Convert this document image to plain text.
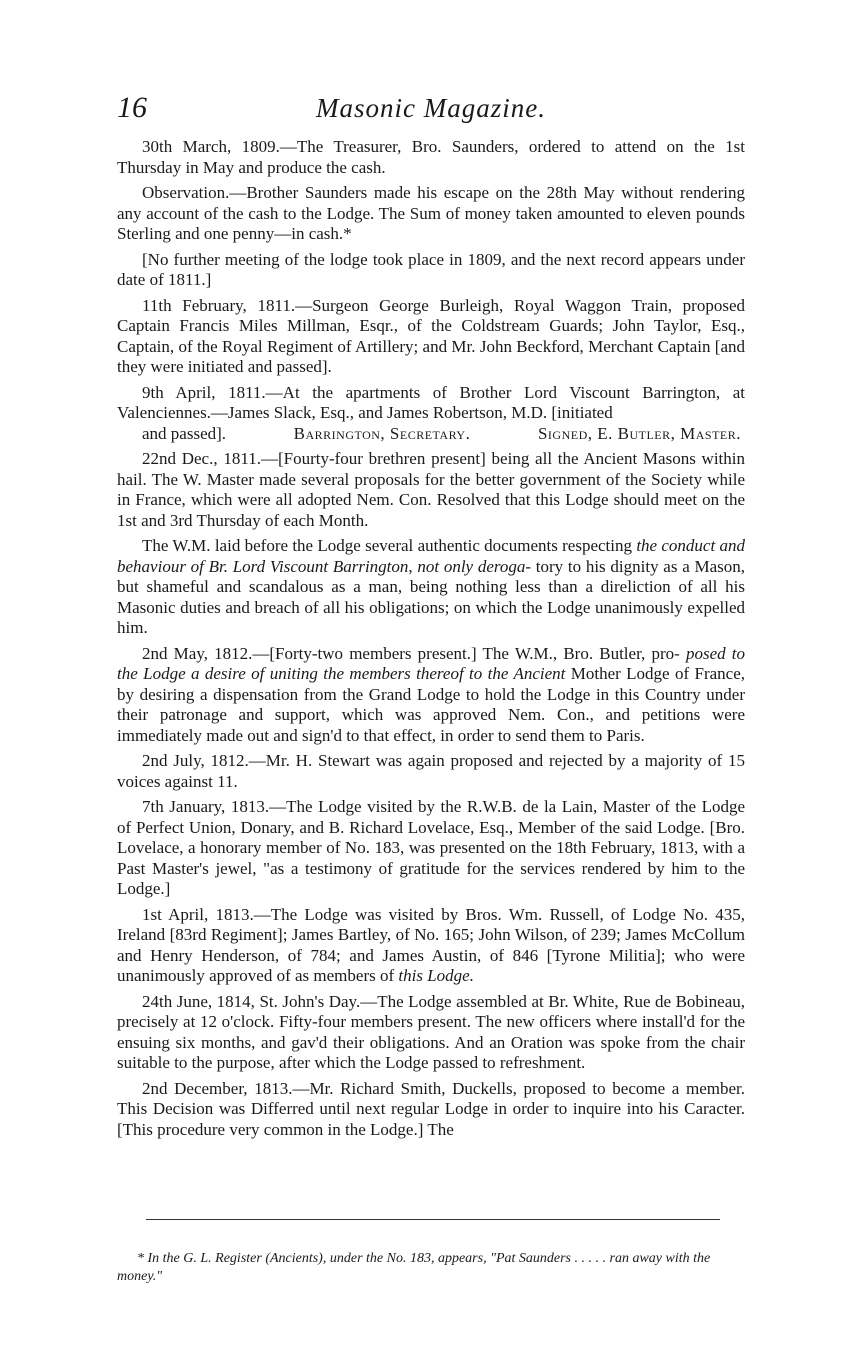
16	Masonic Magazine.

30th March, 1809.—The Treasurer, Bro. Saunders, ordered to attend on the 1st Thursday in May and produce the cash.

Observation.—Brother Saunders made his escape on the 28th May without rendering any account of the cash to the Lodge. The Sum of money taken amounted to eleven pounds Sterling and one penny—in cash.*

[No further meeting of the lodge took place in 1809, and the next record appears under date of 1811.]

11th February, 1811.—Surgeon George Burleigh, Royal Waggon Train, proposed Captain Francis Miles Millman, Esqr., of the Coldstream Guards; John Taylor, Esq., Captain, of the Royal Regiment of Artillery; and Mr. John Beckford, Merchant Captain [and they were initiated and passed].

9th April, 1811.—At the apartments of Brother Lord Viscount Barrington, at Valenciennes.—James Slack, Esq., and James Robertson, M.D. [initiated
and passed].	Barrington, Secretary.	Signed, E. Butler, Master.

22nd Dec., 1811.—[Fourty-four brethren present] being all the Ancient Masons within hail. The W. Master made several proposals for the better government of the Society while in France, which were all adopted Nem. Con. Resolved that this Lodge should meet on the 1st and 3rd Thursday of each Month.

The W.M. laid before the Lodge several authentic documents respecting the conduct and behaviour of Br. Lord Viscount Barrington, not only deroga- tory to his dignity as a Mason, but shameful and scandalous as a man, being nothing less than a direliction of all his Masonic duties and breach of all his obligations; on which the Lodge unanimously expelled him.

2nd May, 1812.—[Forty-two members present.] The W.M., Bro. Butler, pro- posed to the Lodge a desire of uniting the members thereof to the Ancient Mother Lodge of France, by desiring a dispensation from the Grand Lodge to hold the Lodge in this Country under their patronage and support, which was approved Nem. Con., and petitions were immediately made out and sign'd to that effect, in order to send them to Paris.

2nd July, 1812.—Mr. H. Stewart was again proposed and rejected by a majority of 15 voices against 11.

7th January, 1813.—The Lodge visited by the R.W.B. de la Lain, Master of the Lodge of Perfect Union, Donary, and B. Richard Lovelace, Esq., Member of the said Lodge. [Bro. Lovelace, a honorary member of No. 183, was presented on the 18th February, 1813, with a Past Master's jewel, "as a testimony of gratitude for the services rendered by him to the Lodge.]

1st April, 1813.—The Lodge was visited by Bros. Wm. Russell, of Lodge No. 435, Ireland [83rd Regiment]; James Bartley, of No. 165; John Wilson, of 239; James McCollum and Henry Henderson, of 784; and James Austin, of 846 [Tyrone Militia]; who were unanimously approved of as members of this Lodge.

24th June, 1814, St. John's Day.—The Lodge assembled at Br. White, Rue de Bobineau, precisely at 12 o'clock. Fifty-four members present. The new officers where install'd for the ensuing six months, and gav'd their obligations. And an Oration was spoke from the chair suitable to the purpose, after which the Lodge passed to refreshment.

2nd December, 1813.—Mr. Richard Smith, Duckells, proposed to become a member. This Decision was Differred until next regular Lodge in order to inquire into his Caracter. [This procedure very common in the Lodge.] The

* In the G. L. Register (Ancients), under the No. 183, appears, "Pat Saunders . . . . . ran away with the money."
